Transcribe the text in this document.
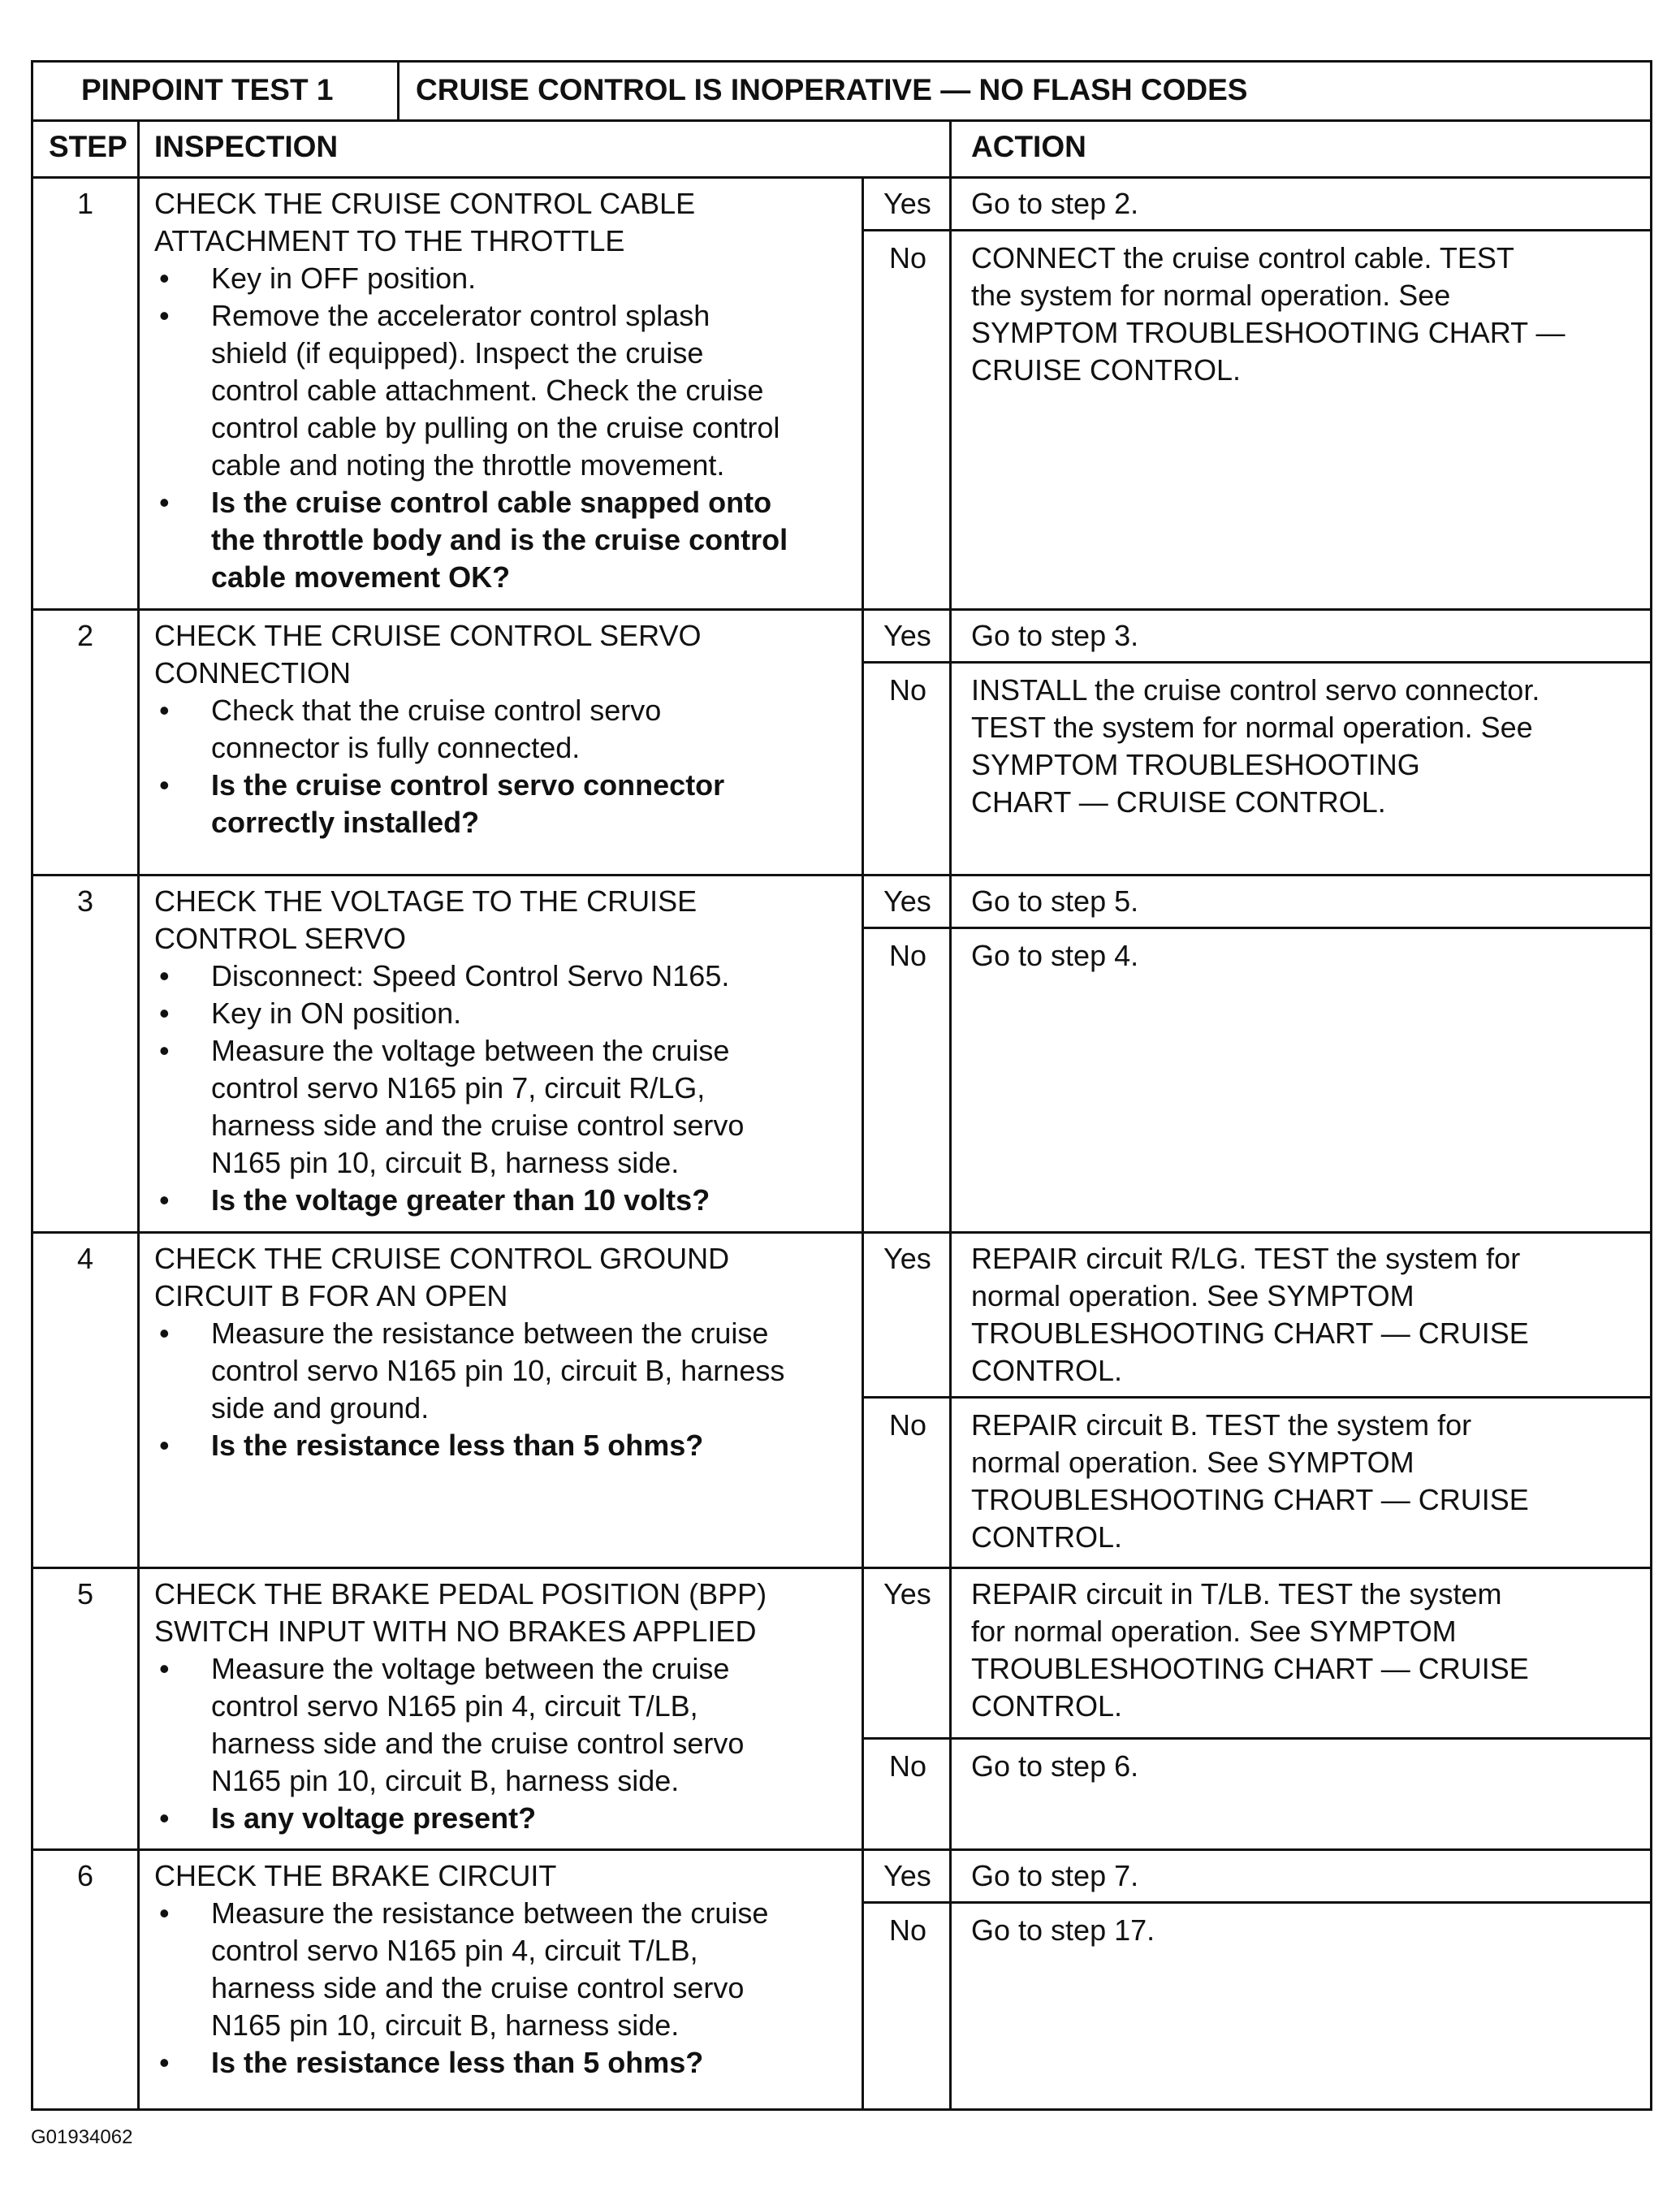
PINPOINT TEST 1	CRUISE CONTROL IS INOPERATIVE — NO FLASH CODES
STEP INSPECTION	ACTION
1 CHECK THE CRUISE CONTROL CABLE
ATTACHMENT TO THE THROTTLE
• Key in OFF position.
• Remove the accelerator control splash
shield (if equipped). Inspect the cruise
control cable attachment. Check the cruise
control cable by pulling on the cruise control
cable and noting the throttle movement.
• Is the cruise control cable snapped onto
the throttle body and is the cruise control
cable movement OK?
Yes Go to step 2.
No CONNECT the cruise control cable. TEST
the system for normal operation. See
SYMPTOM TROUBLESHOOTING CHART —
CRUISE CONTROL.
2 CHECK THE CRUISE CONTROL SERVO
CONNECTION
• Check that the cruise control servo
connector is fully connected.
• Is the cruise control servo connector
correctly installed?
Yes Go to step 3.
No INSTALL the cruise control servo connector.
TEST the system for normal operation. See
SYMPTOM TROUBLESHOOTING
CHART — CRUISE CONTROL.
3 CHECK THE VOLTAGE TO THE CRUISE
CONTROL SERVO
• Disconnect: Speed Control Servo N165.
• Key in ON position.
• Measure the voltage between the cruise
control servo N165 pin 7, circuit R/LG,
harness side and the cruise control servo
N165 pin 10, circuit B, harness side.
• Is the voltage greater than 10 volts?
Yes Go to step 5.
No Go to step 4.
4 CHECK THE CRUISE CONTROL GROUND
CIRCUIT B FOR AN OPEN
• Measure the resistance between the cruise
control servo N165 pin 10, circuit B, harness
side and ground.
• Is the resistance less than 5 ohms?
Yes REPAIR circuit R/LG. TEST the system for
normal operation. See SYMPTOM
TROUBLESHOOTING CHART — CRUISE
CONTROL.
No REPAIR circuit B. TEST the system for
normal operation. See SYMPTOM
TROUBLESHOOTING CHART — CRUISE
CONTROL.
5 CHECK THE BRAKE PEDAL POSITION (BPP)
SWITCH INPUT WITH NO BRAKES APPLIED
• Measure the voltage between the cruise
control servo N165 pin 4, circuit T/LB,
harness side and the cruise control servo
N165 pin 10, circuit B, harness side.
• Is any voltage present?
Yes REPAIR circuit in T/LB. TEST the system
for normal operation. See SYMPTOM
TROUBLESHOOTING CHART — CRUISE
CONTROL.
No Go to step 6.
6 CHECK THE BRAKE CIRCUIT
• Measure the resistance between the cruise
control servo N165 pin 4, circuit T/LB,
harness side and the cruise control servo
N165 pin 10, circuit B, harness side.
• Is the resistance less than 5 ohms?
Yes Go to step 7.
No Go to step 17.
G01934062
